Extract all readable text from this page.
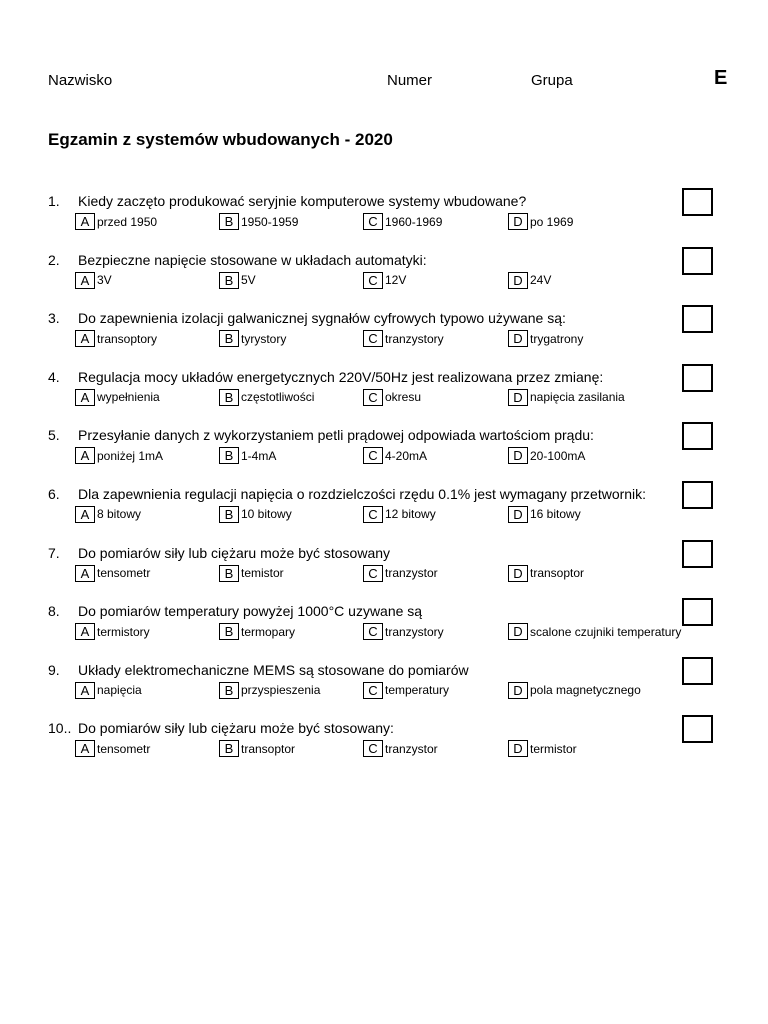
Nazwisko	Numer	Grupa	E
Egzamin z systemów wbudowanych - 2020
1. Kiedy zaczęto produkować seryjnie komputerowe systemy wbudowane?
A przed 1950	B 1950-1959	C 1960-1969	D po 1969
2. Bezpieczne napięcie stosowane w układach automatyki:
A 3V	B 5V	C 12V	D 24V
3. Do zapewnienia izolacji galwanicznej sygnałów cyfrowych typowo używane są:
A transoptory	B tyrystory	C tranzystory	D trygatrony
4. Regulacja mocy układów energetycznych 220V/50Hz jest realizowana przez zmianę:
A wypełnienia	B częstotliwości	C okresu	D napięcia zasilania
5. Przesyłanie danych z wykorzystaniem petli prądowej odpowiada wartościom prądu:
A poniżej 1mA	B 1-4mA	C 4-20mA	D 20-100mA
6. Dla zapewnienia regulacji napięcia o rozdzielczości rzędu 0.1% jest wymagany przetwornik:
A 8 bitowy	B 10 bitowy	C 12 bitowy	D 16 bitowy
7. Do pomiarów siły lub ciężaru może być stosowany
A tensometr	B temistor	C tranzystor	D transoptor
8. Do pomiarów temperatury powyżej 1000°C uzywane są
A termistory	B termopary	C tranzystory	D scalone czujniki temperatury
9. Układy elektromechaniczne MEMS są stosowane do pomiarów
A napięcia	B przyspieszenia	C temperatury	D pola magnetycznego
10.. Do pomiarów siły lub ciężaru może być stosowany:
A tensometr	B transoptor	C tranzystor	D termistor
